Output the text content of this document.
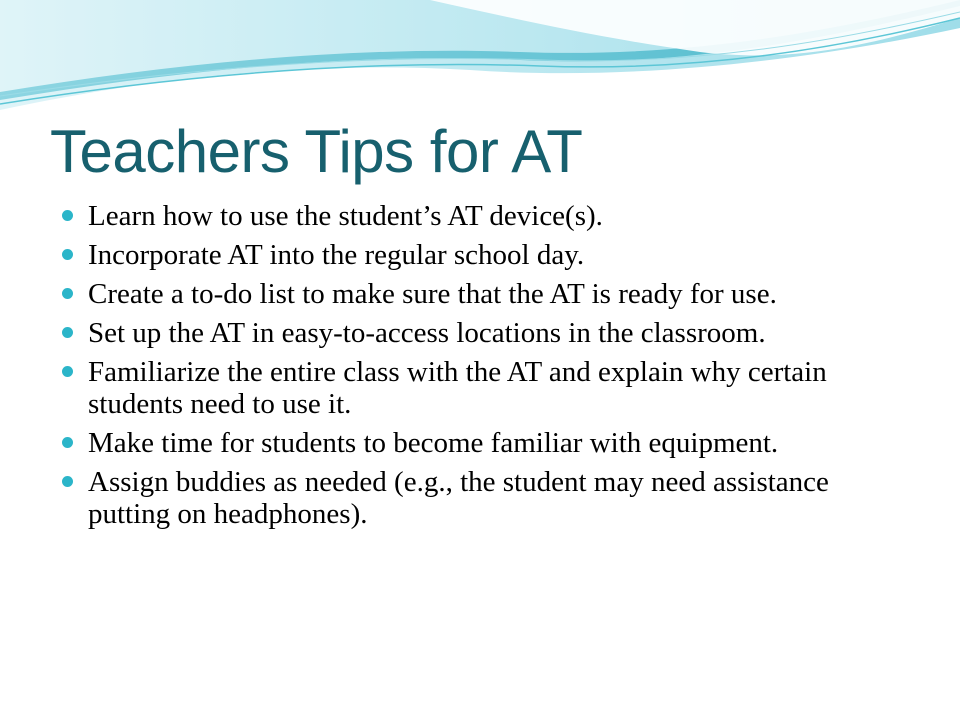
Teachers Tips for AT
Learn how to use the student’s AT device(s).
Incorporate AT into the regular school day.
Create a to-do list to make sure that the AT is ready for use.
Set up the AT in easy-to-access locations in the classroom.
Familiarize the entire class with the AT and explain why certain students need to use it.
Make time for students to become familiar with equipment.
Assign buddies as needed (e.g., the student may need assistance putting on headphones).
